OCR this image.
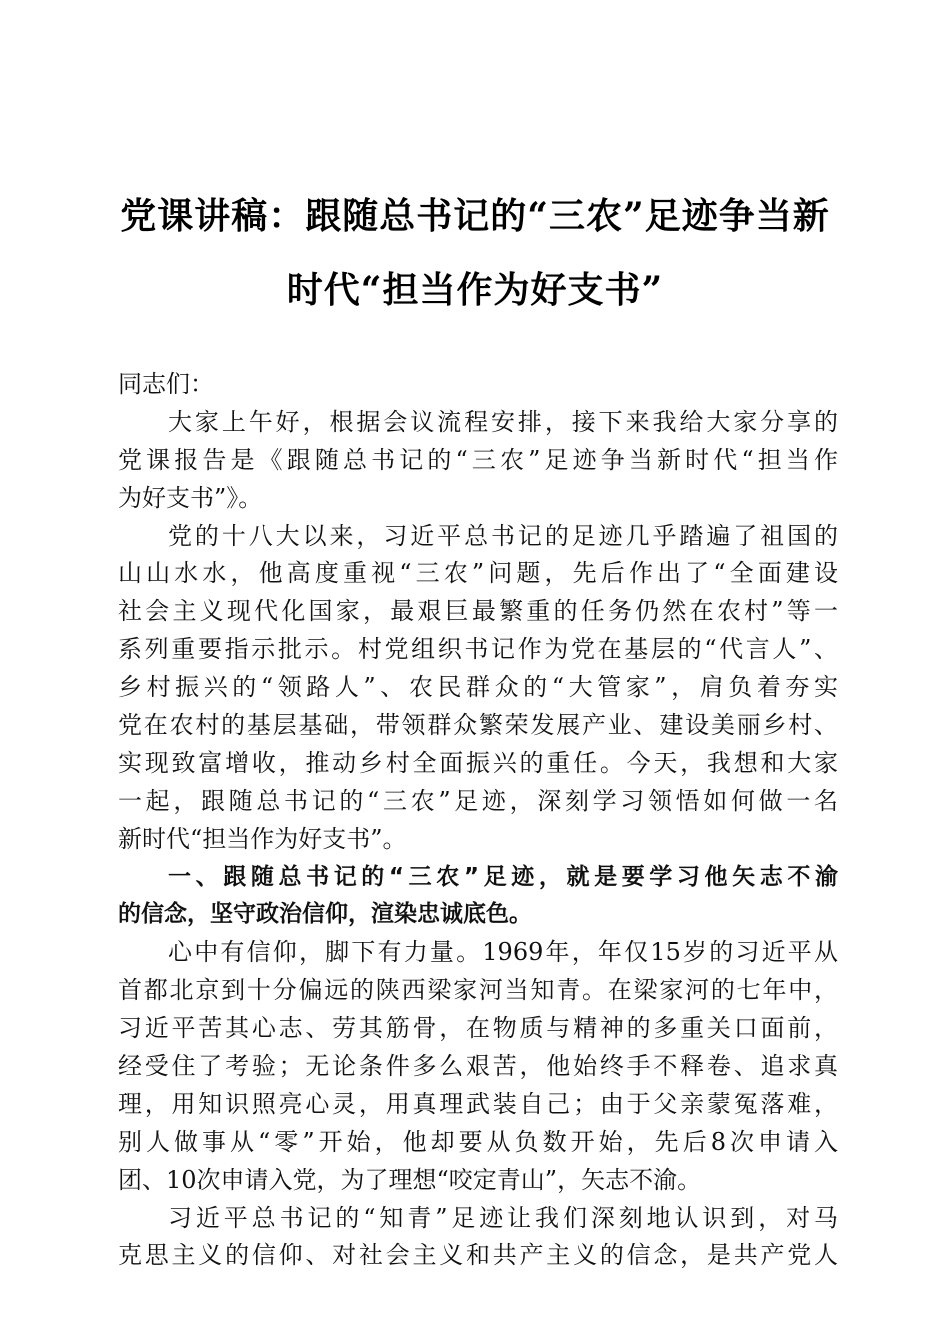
党课讲稿：跟随总书记的“三农”足迹争当新
时代“担当作为好支书”
同志们：
大家上午好，根据会议流程安排，接下来我给大家分享的
党课报告是《跟随总书记的“三农”足迹争当新时代“担当作
为好支书”》。
党的十八大以来，习近平总书记的足迹几乎踏遍了祖国的
山山水水，他高度重视“三农”问题，先后作出了“全面建设
社会主义现代化国家，最艰巨最繁重的任务仍然在农村”等一
系列重要指示批示。村党组织书记作为党在基层的“代言人”、
乡村振兴的“领路人”、农民群众的“大管家”，肩负着夯实
党在农村的基层基础，带领群众繁荣发展产业、建设美丽乡村、
实现致富增收，推动乡村全面振兴的重任。今天，我想和大家
一起，跟随总书记的“三农”足迹，深刻学习领悟如何做一名
新时代“担当作为好支书”。
一、跟随总书记的“三农”足迹，就是要学习他矢志不渝
的信念，坚守政治信仰，渲染忠诚底色。
心中有信仰，脚下有力量。1969年，年仅15岁的习近平从
首都北京到十分偏远的陕西梁家河当知青。在梁家河的七年中，
习近平苦其心志、劳其筋骨，在物质与精神的多重关口面前，
经受住了考验；无论条件多么艰苦，他始终手不释卷、追求真
理，用知识照亮心灵，用真理武装自己；由于父亲蒙冤落难，
别人做事从“零”开始，他却要从负数开始，先后8次申请入
团、10次申请入党，为了理想“咬定青山”，矢志不渝。
习近平总书记的“知青”足迹让我们深刻地认识到，对马
克思主义的信仰、对社会主义和共产主义的信念，是共产党人
